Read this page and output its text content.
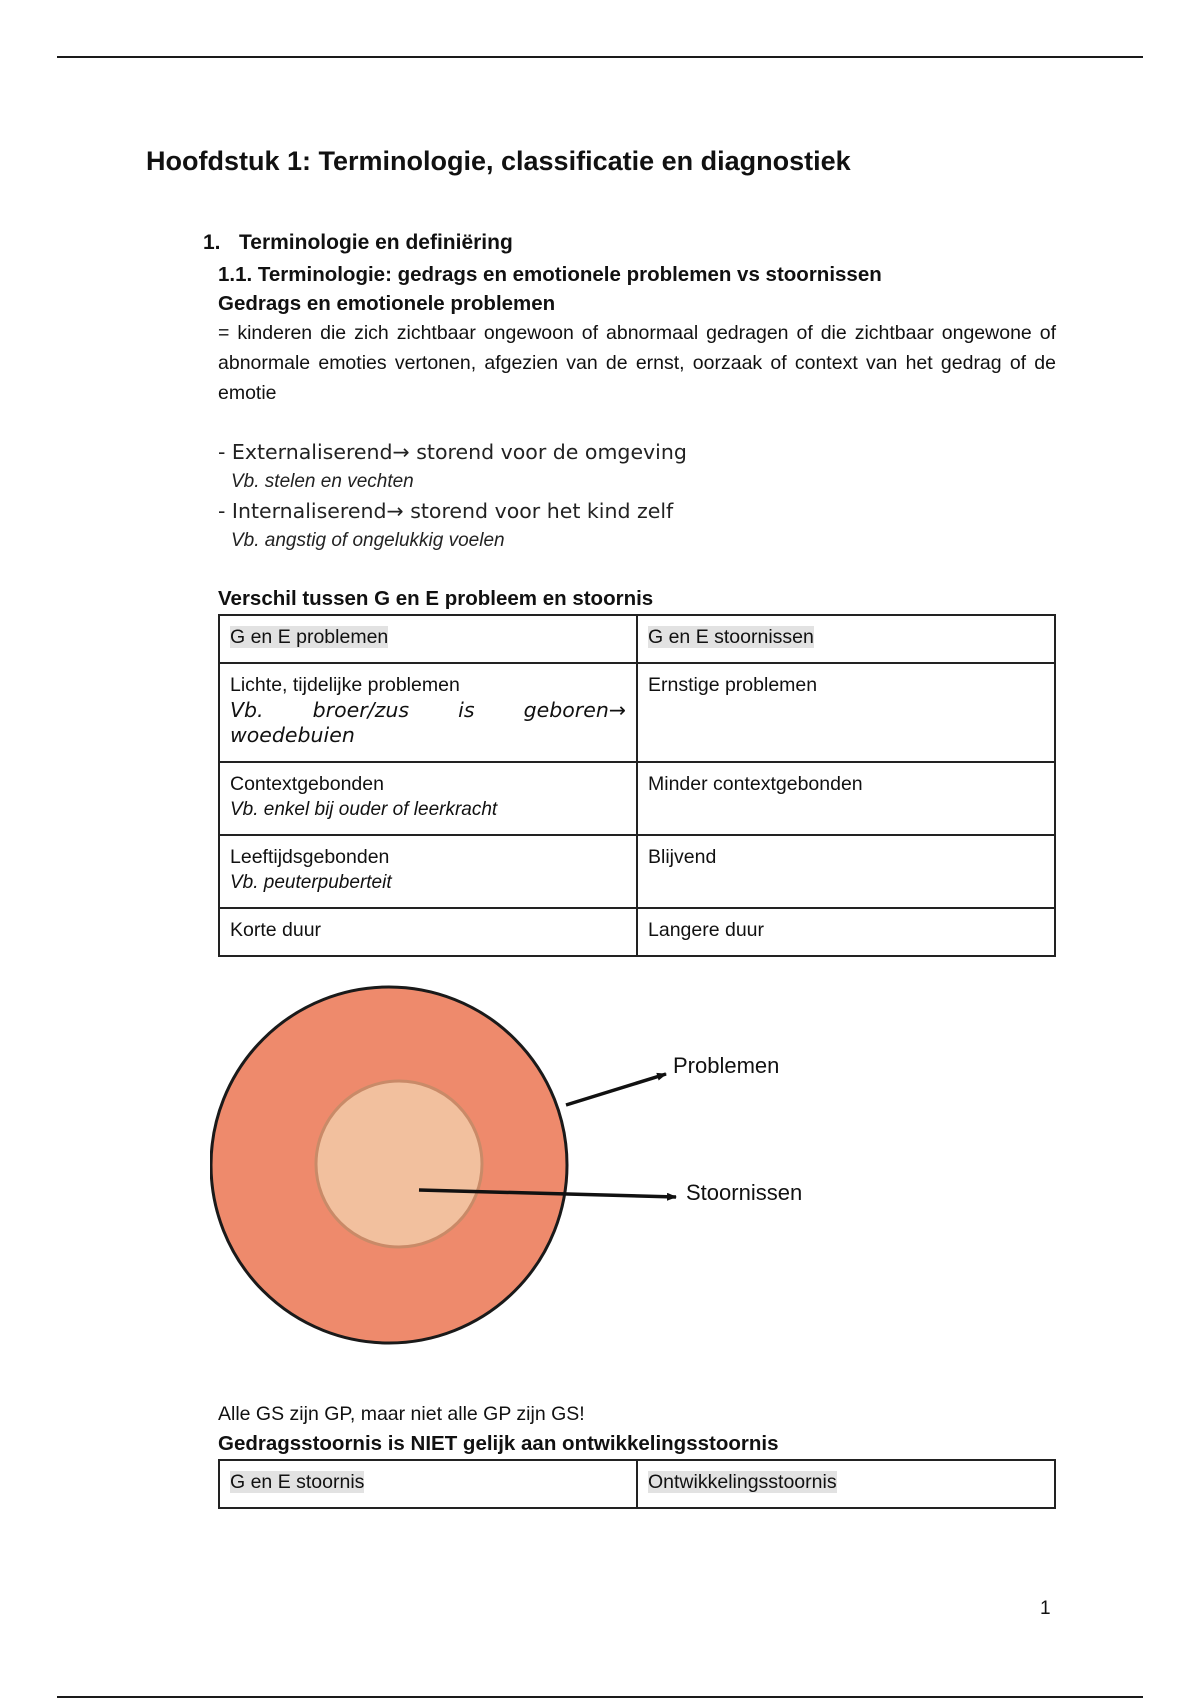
Hoofdstuk 1: Terminologie, classificatie en diagnostiek
1. Terminologie en definiëring
1.1. Terminologie: gedrags en emotionele problemen vs stoornissen
Gedrags en emotionele problemen
= kinderen die zich zichtbaar ongewoon of abnormaal gedragen of die zichtbaar ongewone of abnormale emoties vertonen, afgezien van de ernst, oorzaak of context van het gedrag of de emotie
- Externaliserend→ storend voor de omgeving
Vb. stelen en vechten
- Internaliserend→ storend voor het kind zelf
Vb. angstig of ongelukkig voelen
Verschil tussen G en E probleem en stoornis
G en E problemen	G en E stoornissen

Lichte, tijdelijke problemen
Vb. broer/zus is geboren→
woedebuien	Ernstige problemen

Contextgebonden
Vb. enkel bij ouder of leerkracht	Minder contextgebonden

Leeftijdsgebonden
Vb. peuterpuberteit	Blijvend

Korte duur	Langere duur
Problemen
Stoornissen
Alle GS zijn GP, maar niet alle GP zijn GS!
Gedragsstoornis is NIET gelijk aan ontwikkelingsstoornis
G en E stoornis	Ontwikkelingsstoornis
1
